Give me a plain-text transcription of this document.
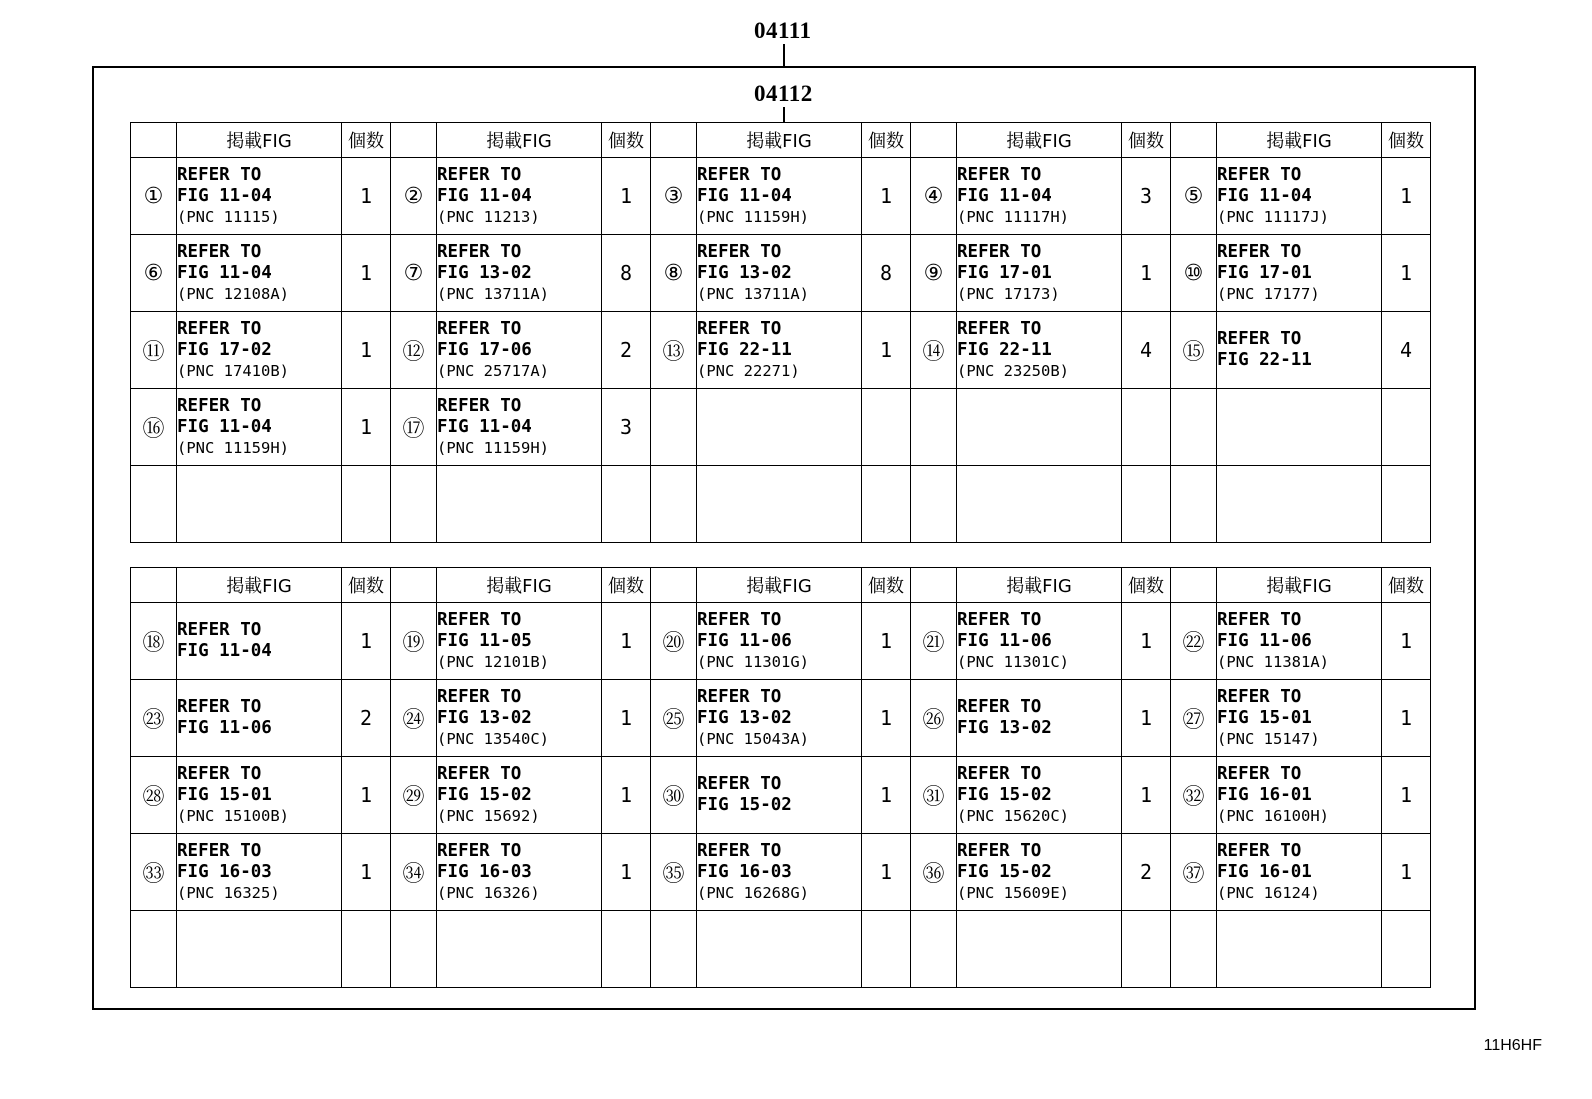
04111
04112
	掲載FIG	個数		掲載FIG	個数		掲載FIG	個数		掲載FIG	個数		掲載FIG	個数
①	REFER TO
FIG 11-04
(PNC 11115)	1	②	REFER TO
FIG 11-04
(PNC 11213)	1	③	REFER TO
FIG 11-04
(PNC 11159H)	1	④	REFER TO
FIG 11-04
(PNC 11117H)	3	⑤	REFER TO
FIG 11-04
(PNC 11117J)	1
⑥	REFER TO
FIG 11-04
(PNC 12108A)	1	⑦	REFER TO
FIG 13-02
(PNC 13711A)	8	⑧	REFER TO
FIG 13-02
(PNC 13711A)	8	⑨	REFER TO
FIG 17-01
(PNC 17173)	1	⑩	REFER TO
FIG 17-01
(PNC 17177)	1
⑪	REFER TO
FIG 17-02
(PNC 17410B)	1	⑫	REFER TO
FIG 17-06
(PNC 25717A)	2	⑬	REFER TO
FIG 22-11
(PNC 22271)	1	⑭	REFER TO
FIG 22-11
(PNC 23250B)	4	⑮	REFER TO
FIG 22-11	4
⑯	REFER TO
FIG 11-04
(PNC 11159H)	1	⑰	REFER TO
FIG 11-04
(PNC 11159H)	3		

	掲載FIG	個数		掲載FIG	個数		掲載FIG	個数		掲載FIG	個数		掲載FIG	個数
⑱	REFER TO
FIG 11-04	1	⑲	REFER TO
FIG 11-05
(PNC 12101B)	1	⑳	REFER TO
FIG 11-06
(PNC 11301G)	1	㉑	REFER TO
FIG 11-06
(PNC 11301C)	1	㉒	REFER TO
FIG 11-06
(PNC 11381A)	1
㉓	REFER TO
FIG 11-06	2	㉔	REFER TO
FIG 13-02
(PNC 13540C)	1	㉕	REFER TO
FIG 13-02
(PNC 15043A)	1	㉖	REFER TO
FIG 13-02	1	㉗	REFER TO
FIG 15-01
(PNC 15147)	1
㉘	REFER TO
FIG 15-01
(PNC 15100B)	1	㉙	REFER TO
FIG 15-02
(PNC 15692)	1	㉚	REFER TO
FIG 15-02	1	㉛	REFER TO
FIG 15-02
(PNC 15620C)	1	㉜	REFER TO
FIG 16-01
(PNC 16100H)	1
㉝	REFER TO
FIG 16-03
(PNC 16325)	1	㉞	REFER TO
FIG 16-03
(PNC 16326)	1	㉟	REFER TO
FIG 16-03
(PNC 16268G)	1	㊱	REFER TO
FIG 15-02
(PNC 15609E)	2	㊲	REFER TO
FIG 16-01
(PNC 16124)	1

11H6HF
